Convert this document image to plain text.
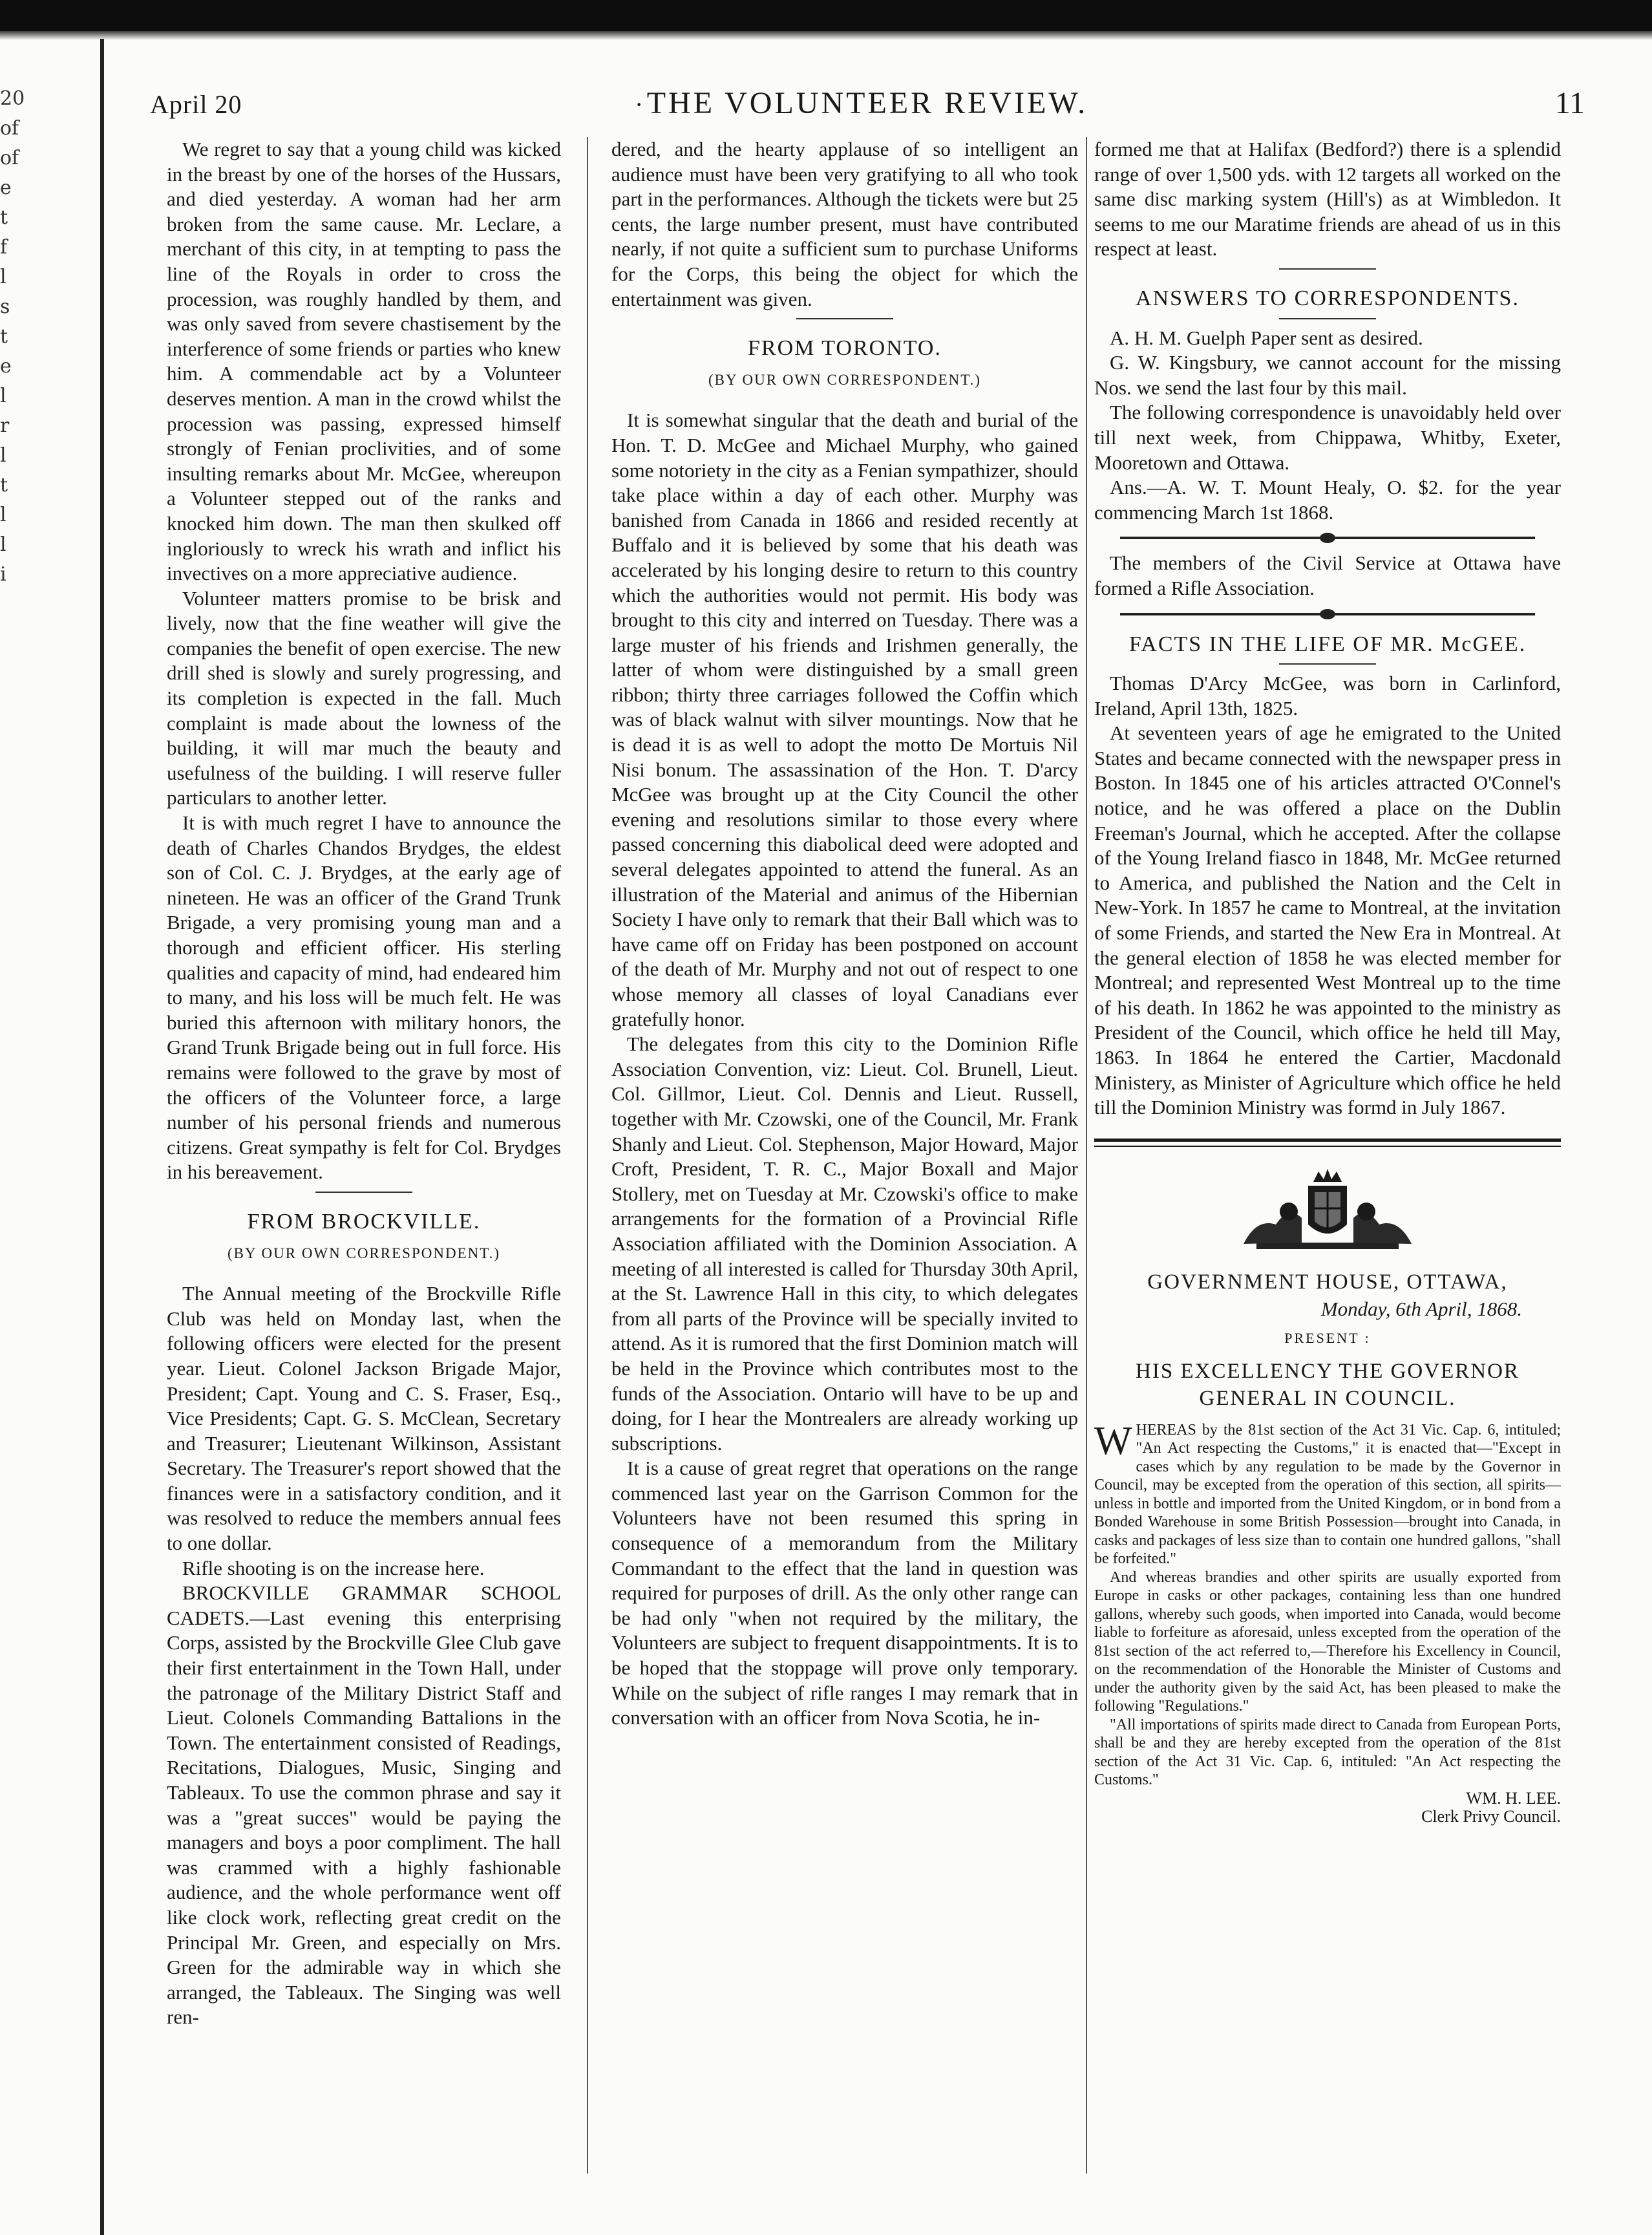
20
of
of
e
t
f
l
s
t
e
l
r
l
t
l
l
i
April 20	· THE VOLUNTEER REVIEW.	11

We regret to say that a young child was kicked in the breast by one of the horses of the Hussars, and died yesterday. A woman had her arm broken from the same cause. Mr. Leclare, a merchant of this city, in at tempting to pass the line of the Royals in order to cross the procession, was roughly handled by them, and was only saved from severe chastisement by the interference of some friends or parties who knew him. A commendable act by a Volunteer deserves mention. A man in the crowd whilst the procession was passing, expressed himself strongly of Fenian proclivities, and of some insulting remarks about Mr. McGee, whereupon a Volunteer stepped out of the ranks and knocked him down. The man then skulked off ingloriously to wreck his wrath and inflict his invectives on a more appreciative audience.

Volunteer matters promise to be brisk and lively, now that the fine weather will give the companies the benefit of open exercise. The new drill shed is slowly and surely progressing, and its completion is expected in the fall. Much complaint is made about the lowness of the building, it will mar much the beauty and usefulness of the building. I will reserve fuller particulars to another letter.

It is with much regret I have to announce the death of Charles Chandos Brydges, the eldest son of Col. C. J. Brydges, at the early age of nineteen. He was an officer of the Grand Trunk Brigade, a very promising young man and a thorough and efficient officer. His sterling qualities and capacity of mind, had endeared him to many, and his loss will be much felt. He was buried this afternoon with military honors, the Grand Trunk Brigade being out in full force. His remains were followed to the grave by most of the officers of the Volunteer force, a large number of his personal friends and numerous citizens. Great sympathy is felt for Col. Brydges in his bereavement.

FROM BROCKVILLE.
(BY OUR OWN CORRESPONDENT.)

The Annual meeting of the Brockville Rifle Club was held on Monday last, when the following officers were elected for the present year. Lieut. Colonel Jackson Brigade Major, President; Capt. Young and C. S. Fraser, Esq., Vice Presidents; Capt. G. S. McClean, Secretary and Treasurer; Lieutenant Wilkinson, Assistant Secretary. The Treasurer's report showed that the finances were in a satisfactory condition, and it was resolved to reduce the members annual fees to one dollar.

Rifle shooting is on the increase here.

BROCKVILLE GRAMMAR SCHOOL CADETS.—Last evening this enterprising Corps, assisted by the Brockville Glee Club gave their first entertainment in the Town Hall, under the patronage of the Military District Staff and Lieut. Colonels Commanding Battalions in the Town. The entertainment consisted of Readings, Recitations, Dialogues, Music, Singing and Tableaux. To use the common phrase and say it was a "great succes" would be paying the managers and boys a poor compliment. The hall was crammed with a highly fashionable audience, and the whole performance went off like clock work, reflecting great credit on the Principal Mr. Green, and especially on Mrs. Green for the admirable way in which she arranged, the Tableaux. The Singing was well ren-

dered, and the hearty applause of so intelligent an audience must have been very gratifying to all who took part in the performances. Although the tickets were but 25 cents, the large number present, must have contributed nearly, if not quite a sufficient sum to purchase Uniforms for the Corps, this being the object for which the entertainment was given.

FROM TORONTO.
(BY OUR OWN CORRESPONDENT.)

It is somewhat singular that the death and burial of the Hon. T. D. McGee and Michael Murphy, who gained some notoriety in the city as a Fenian sympathizer, should take place within a day of each other. Murphy was banished from Canada in 1866 and resided recently at Buffalo and it is believed by some that his death was accelerated by his longing desire to return to this country which the authorities would not permit. His body was brought to this city and interred on Tuesday. There was a large muster of his friends and Irishmen generally, the latter of whom were distinguished by a small green ribbon; thirty three carriages followed the Coffin which was of black walnut with silver mountings. Now that he is dead it is as well to adopt the motto De Mortuis Nil Nisi bonum. The assassination of the Hon. T. D'arcy McGee was brought up at the City Council the other evening and resolutions similar to those every where passed concerning this diabolical deed were adopted and several delegates appointed to attend the funeral. As an illustration of the Material and animus of the Hibernian Society I have only to remark that their Ball which was to have came off on Friday has been postponed on account of the death of Mr. Murphy and not out of respect to one whose memory all classes of loyal Canadians ever gratefully honor.

The delegates from this city to the Dominion Rifle Association Convention, viz: Lieut. Col. Brunell, Lieut. Col. Gillmor, Lieut. Col. Dennis and Lieut. Russell, together with Mr. Czowski, one of the Council, Mr. Frank Shanly and Lieut. Col. Stephenson, Major Howard, Major Croft, President, T. R. C., Major Boxall and Major Stollery, met on Tuesday at Mr. Czowski's office to make arrangements for the formation of a Provincial Rifle Association affiliated with the Dominion Association. A meeting of all interested is called for Thursday 30th April, at the St. Lawrence Hall in this city, to which delegates from all parts of the Province will be specially invited to attend. As it is rumored that the first Dominion match will be held in the Province which contributes most to the funds of the Association. Ontario will have to be up and doing, for I hear the Montrealers are already working up subscriptions.

It is a cause of great regret that operations on the range commenced last year on the Garrison Common for the Volunteers have not been resumed this spring in consequence of a memorandum from the Military Commandant to the effect that the land in question was required for purposes of drill. As the only other range can be had only "when not required by the military, the Volunteers are subject to frequent disappointments. It is to be hoped that the stoppage will prove only temporary. While on the subject of rifle ranges I may remark that in conversation with an officer from Nova Scotia, he in-

formed me that at Halifax (Bedford?) there is a splendid range of over 1,500 yds. with 12 targets all worked on the same disc marking system (Hill's) as at Wimbledon. It seems to me our Maratime friends are ahead of us in this respect at least.

ANSWERS TO CORRESPONDENTS.

A. H. M. Guelph Paper sent as desired.

G. W. Kingsbury, we cannot account for the missing Nos. we send the last four by this mail.

The following correspondence is unavoidably held over till next week, from Chippawa, Whitby, Exeter, Mooretown and Ottawa.

Ans.—A. W. T. Mount Healy, O. $2. for the year commencing March 1st 1868.

The members of the Civil Service at Ottawa have formed a Rifle Association.

FACTS IN THE LIFE OF MR. McGEE.

Thomas D'Arcy McGee, was born in Carlinford, Ireland, April 13th, 1825.

At seventeen years of age he emigrated to the United States and became connected with the newspaper press in Boston. In 1845 one of his articles attracted O'Connel's notice, and he was offered a place on the Dublin Freeman's Journal, which he accepted. After the collapse of the Young Ireland fiasco in 1848, Mr. McGee returned to America, and published the Nation and the Celt in New-York. In 1857 he came to Montreal, at the invitation of some Friends, and started the New Era in Montreal. At the general election of 1858 he was elected member for Montreal; and represented West Montreal up to the time of his death. In 1862 he was appointed to the ministry as President of the Council, which office he held till May, 1863. In 1864 he entered the Cartier, Macdonald Ministery, as Minister of Agriculture which office he held till the Dominion Ministry was formd in July 1867.

GOVERNMENT HOUSE, OTTAWA,
Monday, 6th April, 1868.
PRESENT :
HIS EXCELLENCY THE GOVERNOR GENERAL IN COUNCIL.
W HEREAS by the 81st section of the Act 31 Vic. Cap. 6, intituled; "An Act respecting the Customs," it is enacted that—"Except in cases which by any regulation to be made by the Governor in Council, may be excepted from the operation of this section, all spirits—unless in bottle and imported from the United Kingdom, or in bond from a Bonded Warehouse in some British Possession—brought into Canada, in casks and packages of less size than to contain one hundred gallons, "shall be forfeited."

And whereas brandies and other spirits are usually exported from Europe in casks or other packages, containing less than one hundred gallons, whereby such goods, when imported into Canada, would become liable to forfeiture as aforesaid, unless excepted from the operation of the 81st section of the act referred to,—Therefore his Excellency in Council, on the recommendation of the Honorable the Minister of Customs and under the authority given by the said Act, has been pleased to make the following "Regulations."

"All importations of spirits made direct to Canada from European Ports, shall be and they are hereby excepted from the operation of the 81st section of the Act 31 Vic. Cap. 6, intituled: "An Act respecting the Customs."

WM. H. LEE.
Clerk Privy Council.
